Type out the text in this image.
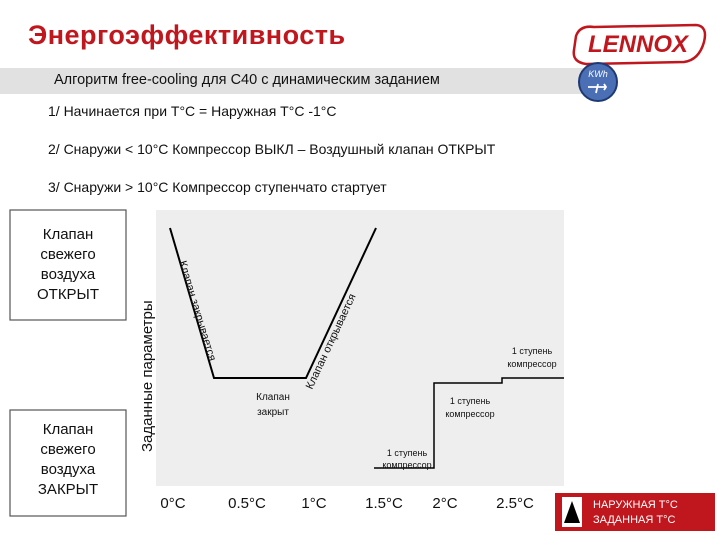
Энергоэффективность	LENNOX
Алгоритм free-cooling для C40 с динамическим заданием	KWh
1/ Начинается при T°C = Наружная T°C -1°C
2/ Снаружи < 10°C Компрессор ВЫКЛ – Воздушный клапан ОТКРЫТ
3/ Снаружи > 10°C Компрессор ступенчато стартует
Заданные параметры Клапан закрывается	Клапан открывается
Клапан
закрыт
1 ступень
компрессор
1 ступень
компрессор
1 ступень
компрессор
0°C	0.5°C 1°C	1.5°C 2°C	2.5°C
Клапан
свежего
воздуха
ОТКРЫТ
Клапан
свежего
воздуха
ЗАКРЫТ
НАРУЖНАЯ T°C
ЗАДАННАЯ T°C
